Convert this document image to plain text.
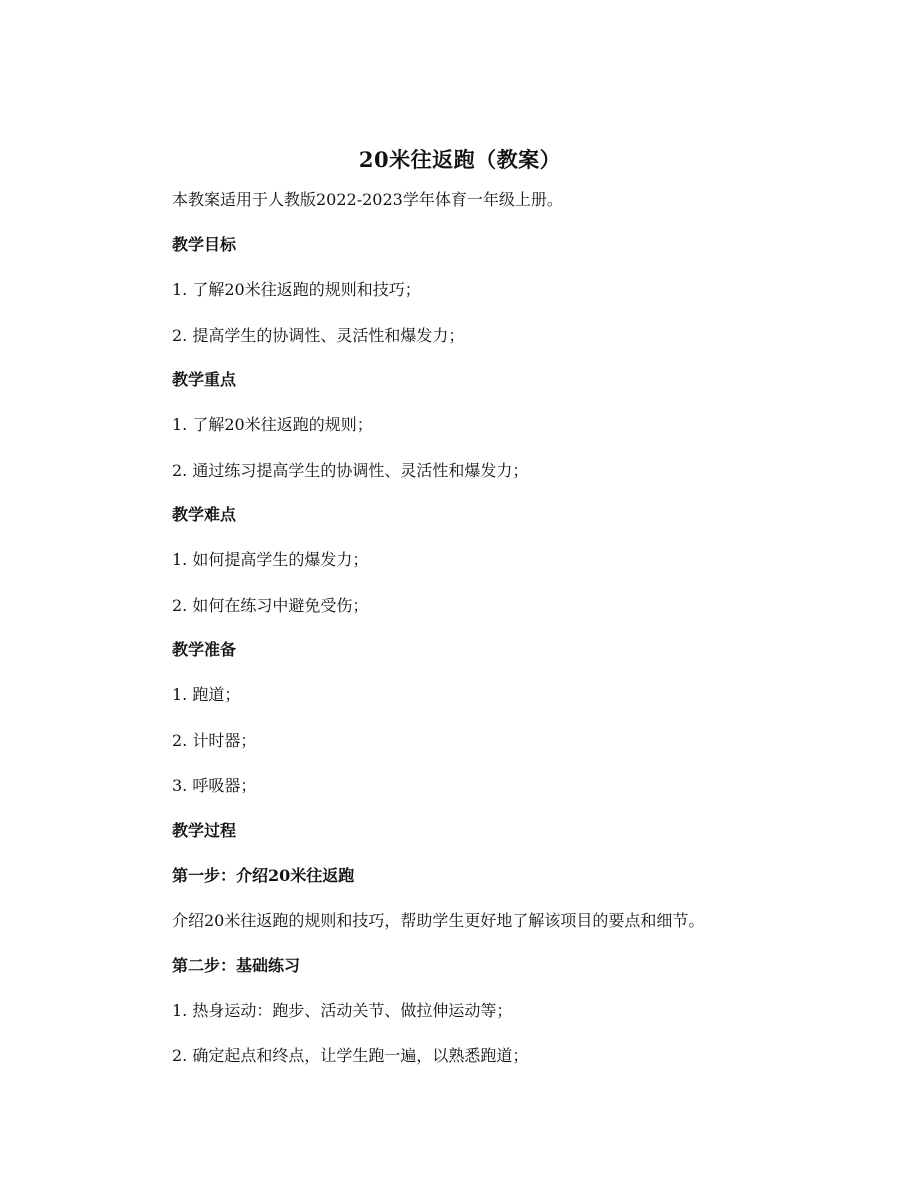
20米往返跑（教案）
本教案适用于人教版2022-2023学年体育一年级上册。
教学目标
1. 了解20米往返跑的规则和技巧；
2. 提高学生的协调性、灵活性和爆发力；
教学重点
1. 了解20米往返跑的规则；
2. 通过练习提高学生的协调性、灵活性和爆发力；
教学难点
1. 如何提高学生的爆发力；
2. 如何在练习中避免受伤；
教学准备
1. 跑道；
2. 计时器；
3. 呼吸器；
教学过程
第一步：介绍20米往返跑
介绍20米往返跑的规则和技巧，帮助学生更好地了解该项目的要点和细节。
第二步：基础练习
1. 热身运动：跑步、活动关节、做拉伸运动等；
2. 确定起点和终点，让学生跑一遍，以熟悉跑道；
